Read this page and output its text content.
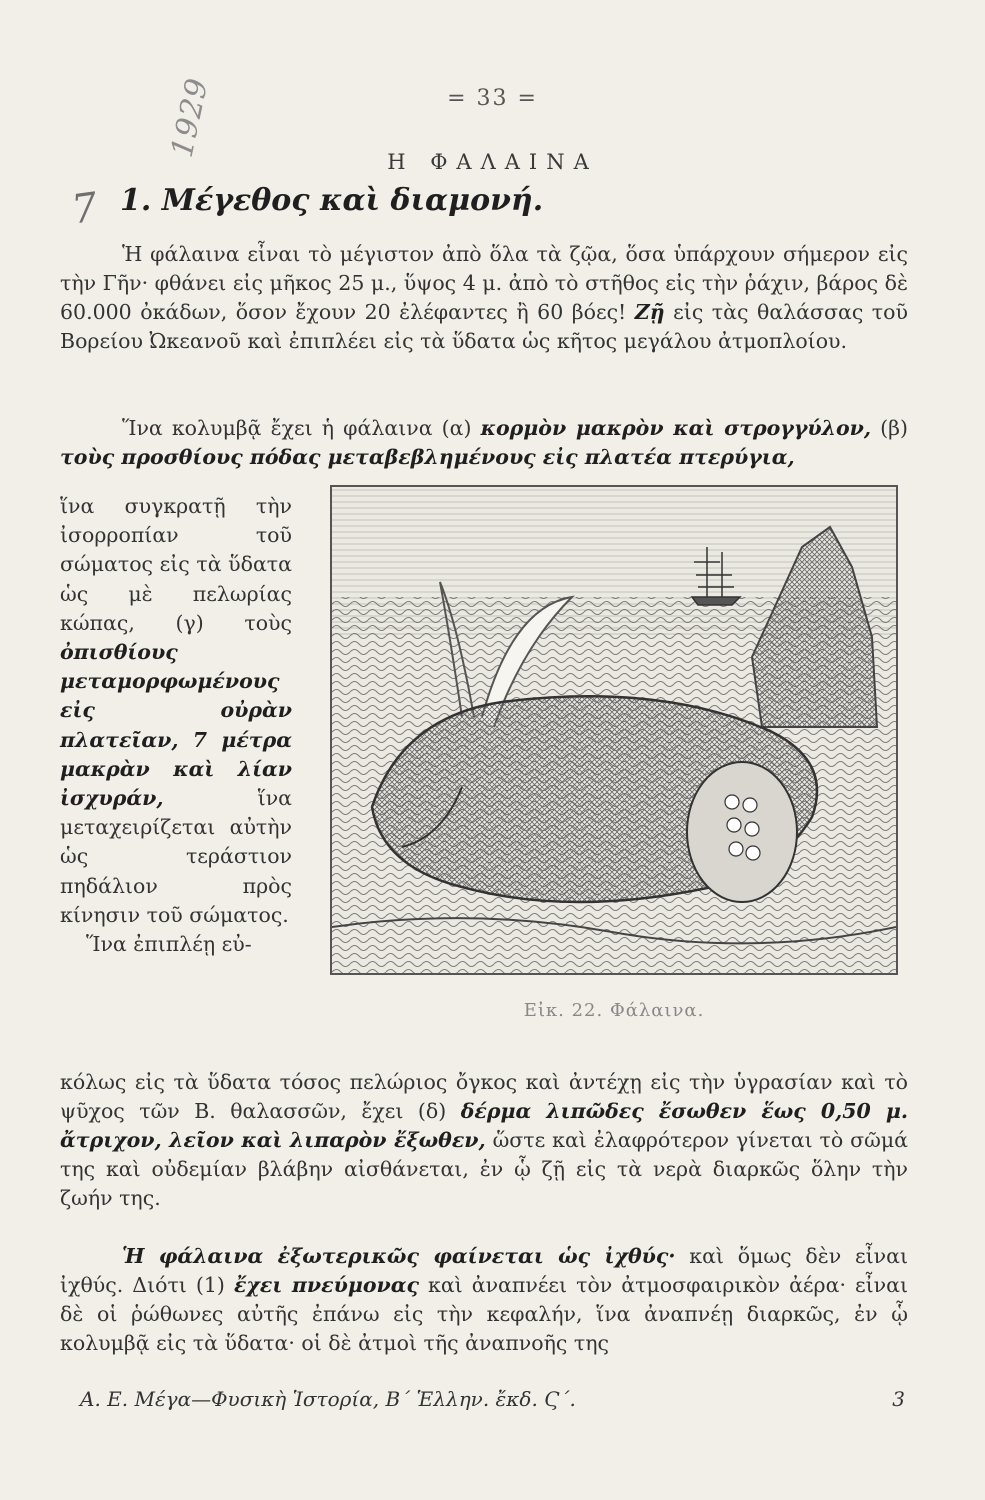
= 33 =
1929
7
Η ΦΑΛΑΙΝΑ
1. Μέγεθος καὶ διαμονή.

Ἡ φάλαινα εἶναι τὸ μέγιστον ἀπὸ ὅλα τὰ ζῷα, ὅσα ὑπάρχουν σήμερον εἰς τὴν Γῆν· φθάνει εἰς μῆκος 25 μ., ὕψος 4 μ. ἀπὸ τὸ στῆθος εἰς τὴν ῥάχιν, βάρος δὲ 60.000 ὀκάδων, ὅσον ἔχουν 20 ἐλέφαντες ἢ 60 βόες! Ζῇ εἰς τὰς θαλάσσας τοῦ Βορείου Ὠκεανοῦ καὶ ἐπιπλέει εἰς τὰ ὕδατα ὡς κῆτος μεγάλου ἀτμοπλοίου.

Ἵνα κολυμβᾷ ἔχει ἡ φάλαινα (α) κορμὸν μακρὸν καὶ στρογγύλον, (β) τοὺς προσθίους πόδας μεταβεβλημένους εἰς πλατέα πτερύγια,

ἵνα συγκρατῇ τὴν ἰσορροπίαν τοῦ σώματος εἰς τὰ ὕδατα ὡς μὲ πελωρίας κώπας, (γ) τοὺς ὀπισθίους μεταμορφωμένους εἰς οὐρὰν πλατεῖαν, 7 μέτρα μακρὰν καὶ λίαν ἰσχυράν,	ἵνα μεταχειρίζεται αὐτὴν ὡς τεράστιον πηδάλιον πρὸς κίνησιν τοῦ σώματος.

Ἵνα ἐπιπλέῃ εὐ-

Εἰκ. 22. Φάλαινα.

κόλως εἰς τὰ ὕδατα τόσος πελώριος ὄγκος καὶ ἀντέχῃ εἰς τὴν ὑγρασίαν καὶ τὸ ψῦχος τῶν Β. θαλασσῶν, ἔχει (δ) δέρμα λιπῶδες ἔσωθεν ἕως 0,50 μ. ἄτριχον, λεῖον καὶ λιπαρὸν ἔξωθεν, ὥστε καὶ ἐλαφρότερον γίνεται τὸ σῶμά της καὶ οὐδεμίαν βλάβην αἰσθάνεται, ἐν ᾧ ζῇ εἰς τὰ νερὰ διαρκῶς ὅλην τὴν ζωήν της.

Ἡ φάλαινα ἐξωτερικῶς φαίνεται ὡς ἰχθύς· καὶ ὅμως δὲν εἶναι ἰχθύς. Διότι (1) ἔχει πνεύμονας καὶ ἀναπνέει τὸν ἀτμοσφαιρικὸν ἀέρα· εἶναι δὲ οἱ ῥώθωνες αὐτῆς ἐπάνω εἰς τὴν κεφαλήν, ἵνα ἀναπνέῃ διαρκῶς, ἐν ᾧ κολυμβᾷ εἰς τὰ ὕδατα· οἱ δὲ ἀτμοὶ τῆς ἀναπνοῆς της

Α. Ε. Μέγα—Φυσικὴ Ἱστορία, Β΄ Ἑλλην. ἔκδ. Ϛ΄.	3
